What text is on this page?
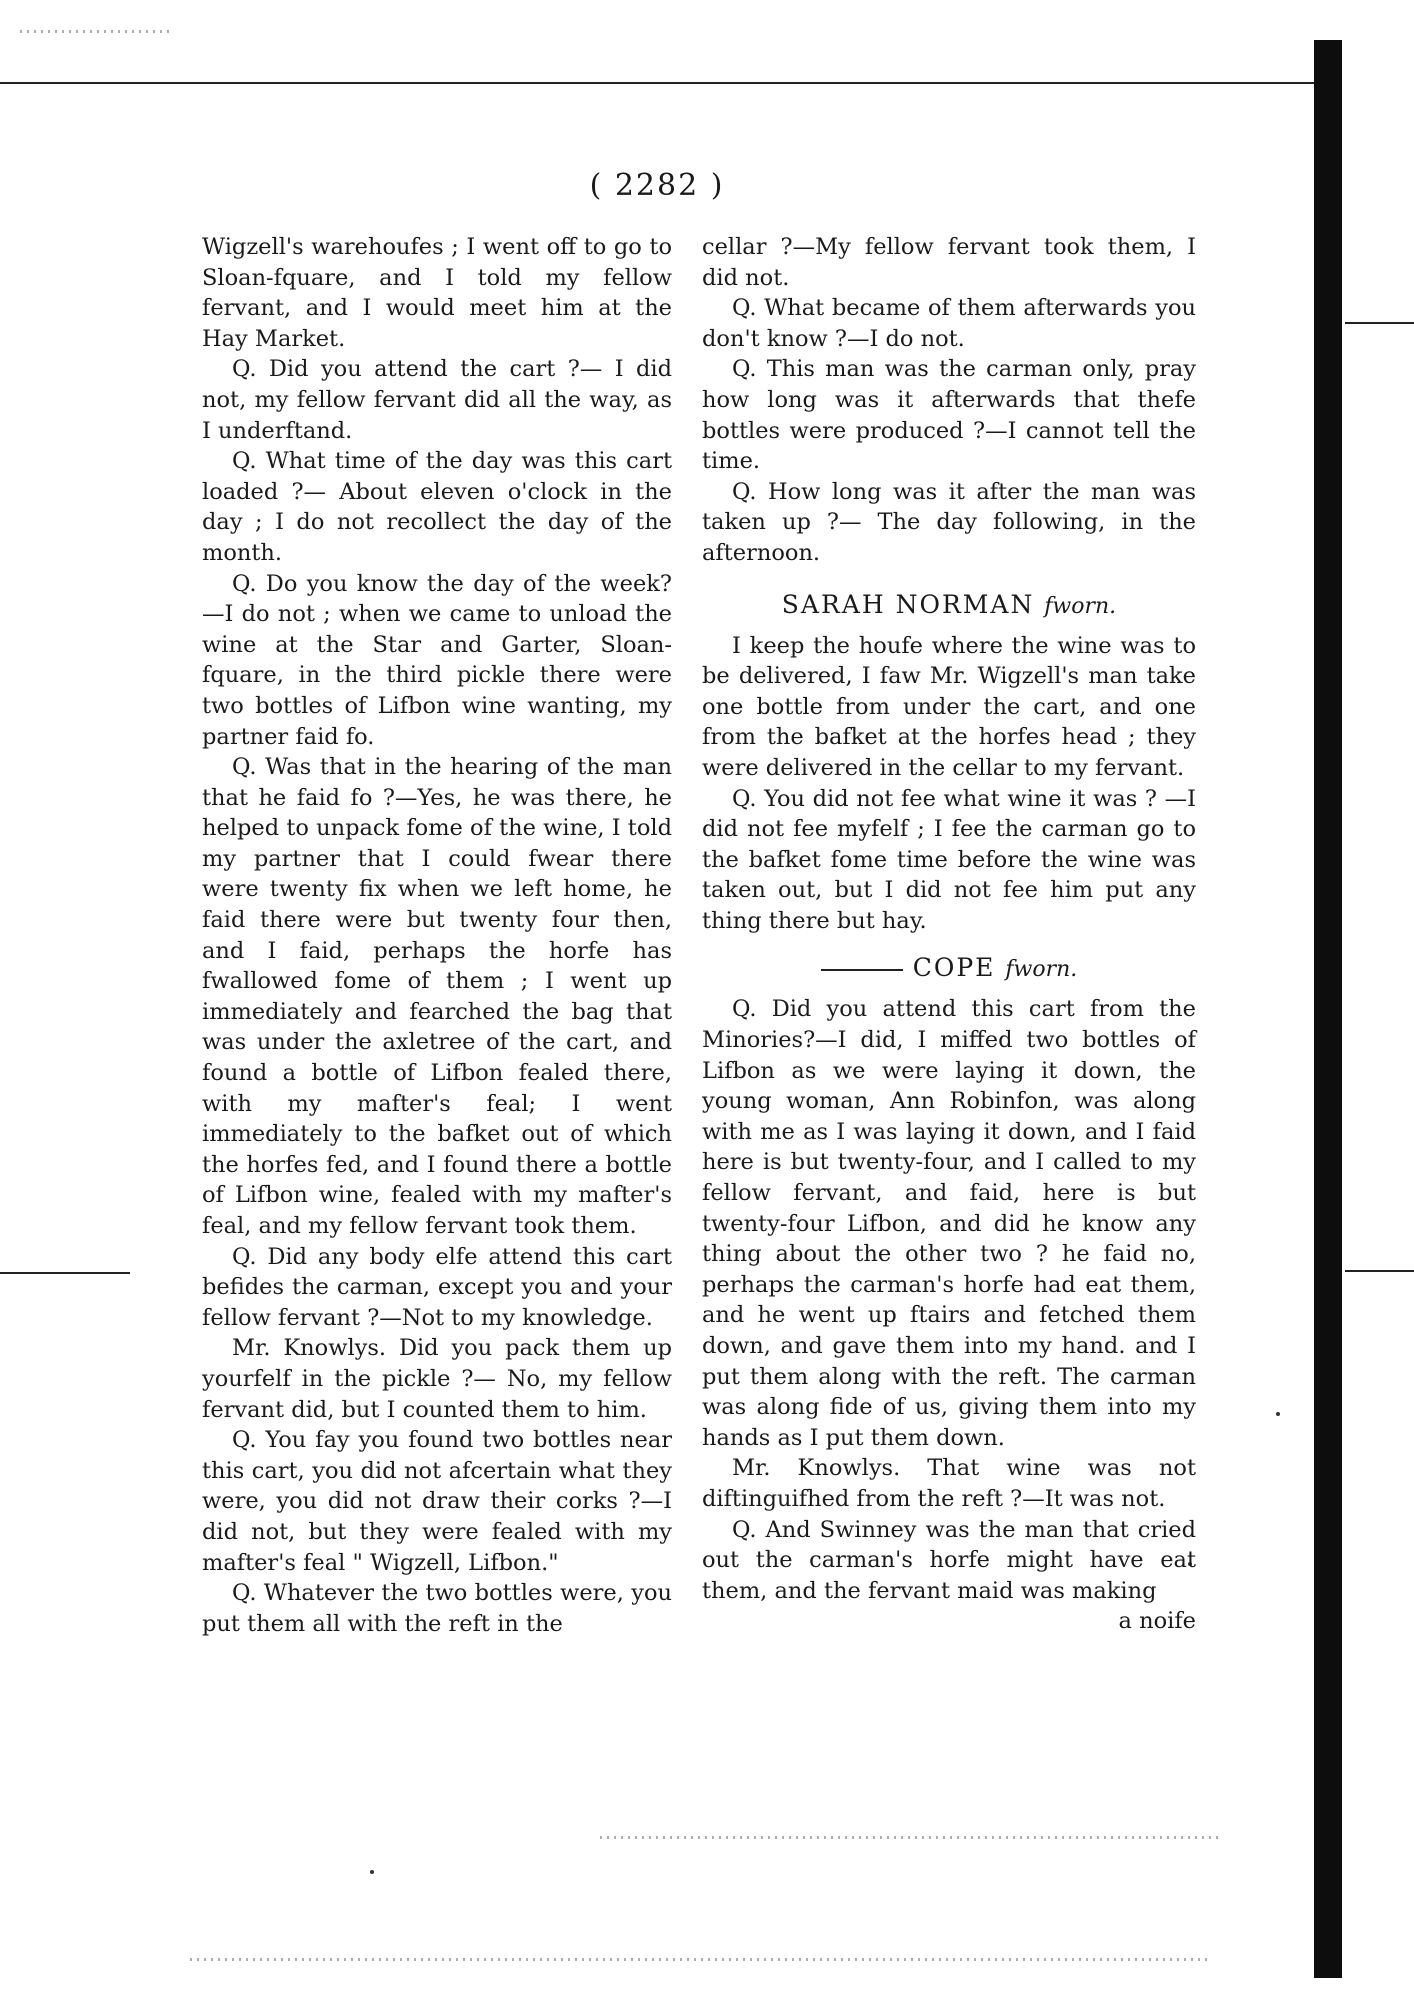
( 2282 )

Wigzell's warehoufes ; I went off to go to Sloan-fquare, and I told my fellow fervant, and I would meet him at the Hay Market.

Q. Did you attend the cart ?— I did not, my fellow fervant did all the way, as I underftand.

Q. What time of the day was this cart loaded ?— About eleven o'clock in the day ; I do not recollect the day of the month.

Q. Do you know the day of the week? —I do not ; when we came to unload the wine at the Star and Garter, Sloan-fquare, in the third pickle there were two bottles of Lifbon wine wanting, my partner faid fo.

Q. Was that in the hearing of the man that he faid fo ?—Yes, he was there, he helped to unpack fome of the wine, I told my partner that I could fwear there were twenty fix when we left home, he faid there were but twenty four then, and I faid, perhaps the horfe has fwallowed fome of them ; I went up immediately and fearched the bag that was under the axletree of the cart, and found a bottle of Lifbon fealed there, with my mafter's feal; I went immediately to the bafket out of which the horfes fed, and I found there a bottle of Lifbon wine, fealed with my mafter's feal, and my fellow fervant took them.

Q. Did any body elfe attend this cart befides the carman, except you and your fellow fervant ?—Not to my knowledge.

Mr. Knowlys. Did you pack them up yourfelf in the pickle ?— No, my fellow fervant did, but I counted them to him.

Q. You fay you found two bottles near this cart, you did not afcertain what they were, you did not draw their corks ?—I did not, but they were fealed with my mafter's feal " Wigzell, Lifbon."

Q. Whatever the two bottles were, you put them all with the reft in the

cellar ?—My fellow fervant took them, I did not.

Q. What became of them afterwards you don't know ?—I do not.

Q. This man was the carman only, pray how long was it afterwards that thefe bottles were produced ?—I cannot tell the time.

Q. How long was it after the man was taken up ?— The day following, in the afternoon.

SARAH NORMAN fworn.

I keep the houfe where the wine was to be delivered, I faw Mr. Wigzell's man take one bottle from under the cart, and one from the bafket at the horfes head ; they were delivered in the cellar to my fervant.

Q. You did not fee what wine it was ? —I did not fee myfelf ; I fee the carman go to the bafket fome time before the wine was taken out, but I did not fee him put any thing there but hay.

COPE fworn.

Q. Did you attend this cart from the Minories?—I did, I miffed two bottles of Lifbon as we were laying it down, the young woman, Ann Robinfon, was along with me as I was laying it down, and I faid here is but twenty-four, and I called to my fellow fervant, and faid, here is but twenty-four Lifbon, and did he know any thing about the other two ? he faid no, perhaps the carman's horfe had eat them, and he went up ftairs and fetched them down, and gave them into my hand. and I put them along with the reft. The carman was along fide of us, giving them into my hands as I put them down.

Mr. Knowlys. That wine was not diftinguifhed from the reft ?—It was not.

Q. And Swinney was the man that cried out the carman's horfe might have eat them, and the fervant maid was making

a noife
